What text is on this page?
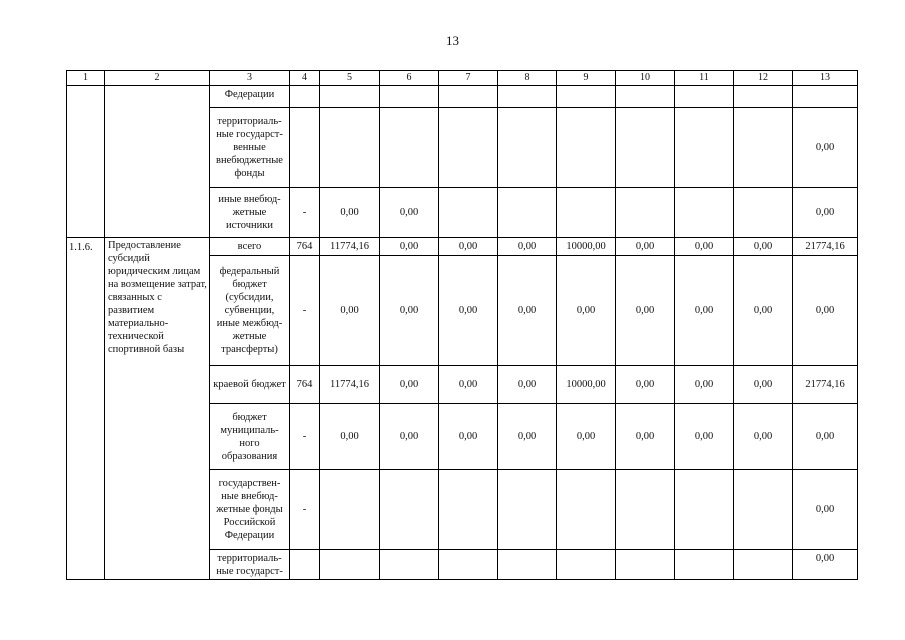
13
1	2	3	4	5	6	7	8	9	10	11	12	13
		Федерации										
		территориаль-ные государст-венные внебюджетные фонды										0,00
		иные внебюд-жетные источники	-	0,00	0,00							0,00
1.1.6.	Предоставление субсидий юридическим лицам на возмещение затрат, связанных с развитием материально-технической спортивной базы	всего	764	11774,16	0,00	0,00	0,00	10000,00	0,00	0,00	0,00	21774,16
		федеральный бюджет (субсидии, субвенции, иные межбюд-жетные трансферты)	-	0,00	0,00	0,00	0,00	0,00	0,00	0,00	0,00	0,00
		краевой бюджет	764	11774,16	0,00	0,00	0,00	10000,00	0,00	0,00	0,00	21774,16
		бюджет муниципаль-ного образования	-	0,00	0,00	0,00	0,00	0,00	0,00	0,00	0,00	0,00
		государствен-ные внебюд-жетные фонды Российской Федерации	-									0,00
		территориаль-ные государст-										0,00
